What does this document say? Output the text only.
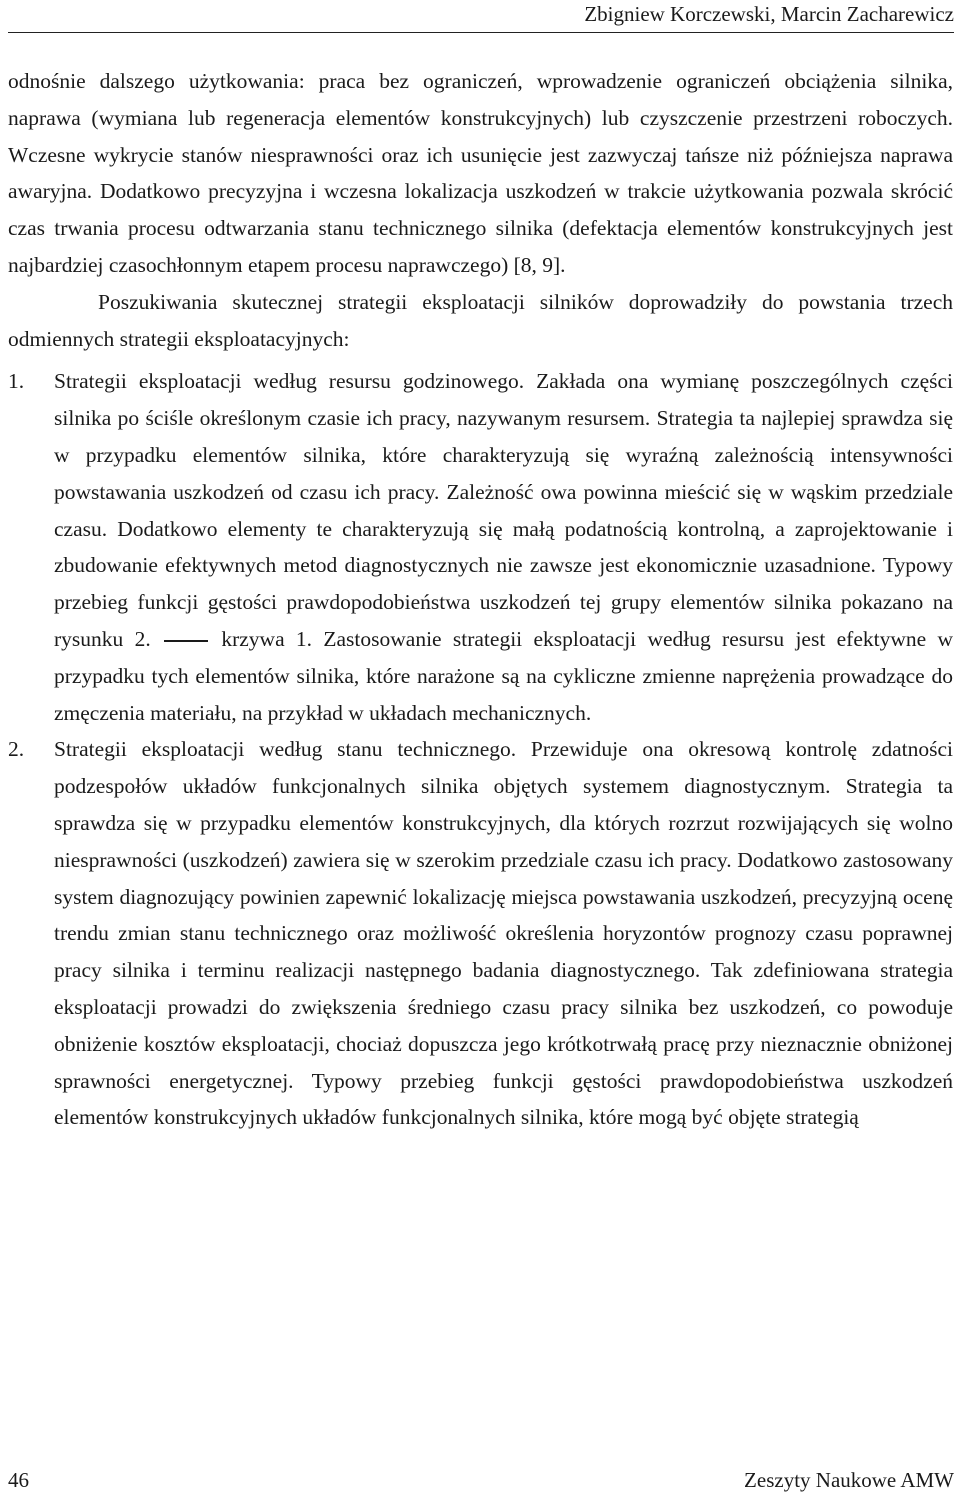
Zbigniew Korczewski, Marcin Zacharewicz

odnośnie dalszego użytkowania: praca bez ograniczeń, wprowadzenie ograniczeń obciążenia silnika, naprawa (wymiana lub regeneracja elementów konstrukcyjnych) lub czyszczenie przestrzeni roboczych. Wczesne wykrycie stanów niesprawności oraz ich usunięcie jest zazwyczaj tańsze niż późniejsza naprawa awaryjna. Dodatkowo precyzyjna i wczesna lokalizacja uszkodzeń w trakcie użytkowania pozwala skrócić czas trwania procesu odtwarzania stanu technicznego silnika (defektacja elementów konstrukcyjnych jest najbardziej czasochłonnym etapem procesu naprawczego) [8, 9].

Poszukiwania skutecznej strategii eksploatacji silników doprowadziły do powstania trzech odmiennych strategii eksploatacyjnych:

1.	Strategii eksploatacji według resursu godzinowego. Zakłada ona wymianę poszczególnych części silnika po ściśle określonym czasie ich pracy, nazywanym resursem. Strategia ta najlepiej sprawdza się w przypadku elementów silnika, które charakteryzują się wyraźną zależnością intensywności powstawania uszkodzeń od czasu ich pracy. Zależność owa powinna mieścić się w wąskim przedziale czasu. Dodatkowo elementy te charakteryzują się małą podatnością kontrolną, a zaprojektowanie i zbudowanie efektywnych metod diagnostycznych nie zawsze jest ekonomicznie uzasadnione. Typowy przebieg funkcji gęstości prawdopodobieństwa uszkodzeń tej grupy elementów silnika pokazano na rysunku 2.	krzywa 1. Zastosowanie strategii eksploatacji według resursu jest efektywne w przypadku tych elementów silnika, które narażone są na cykliczne zmienne naprężenia prowadzące do zmęczenia materiału, na przykład w układach mechanicznych.
2.	Strategii eksploatacji według stanu technicznego. Przewiduje ona okresową kontrolę zdatności podzespołów układów funkcjonalnych silnika objętych systemem diagnostycznym. Strategia ta sprawdza się w przypadku elementów konstrukcyjnych, dla których rozrzut rozwijających się wolno niesprawności (uszkodzeń) zawiera się w szerokim przedziale czasu ich pracy. Dodatkowo zastosowany system diagnozujący powinien zapewnić lokalizację miejsca powstawania uszkodzeń, precyzyjną ocenę trendu zmian stanu technicznego oraz możliwość określenia horyzontów prognozy czasu poprawnej pracy silnika i terminu realizacji następnego badania diagnostycznego. Tak zdefiniowana strategia eksploatacji prowadzi do zwiększenia średniego czasu pracy silnika bez uszkodzeń, co powoduje obniżenie kosztów eksploatacji, chociaż dopuszcza jego krótkotrwałą pracę przy nieznacznie obniżonej sprawności energetycznej. Typowy przebieg funkcji gęstości prawdopodobieństwa uszkodzeń elementów konstrukcyjnych układów funkcjonalnych silnika, które mogą być objęte strategią
46	Zeszyty Naukowe AMW
